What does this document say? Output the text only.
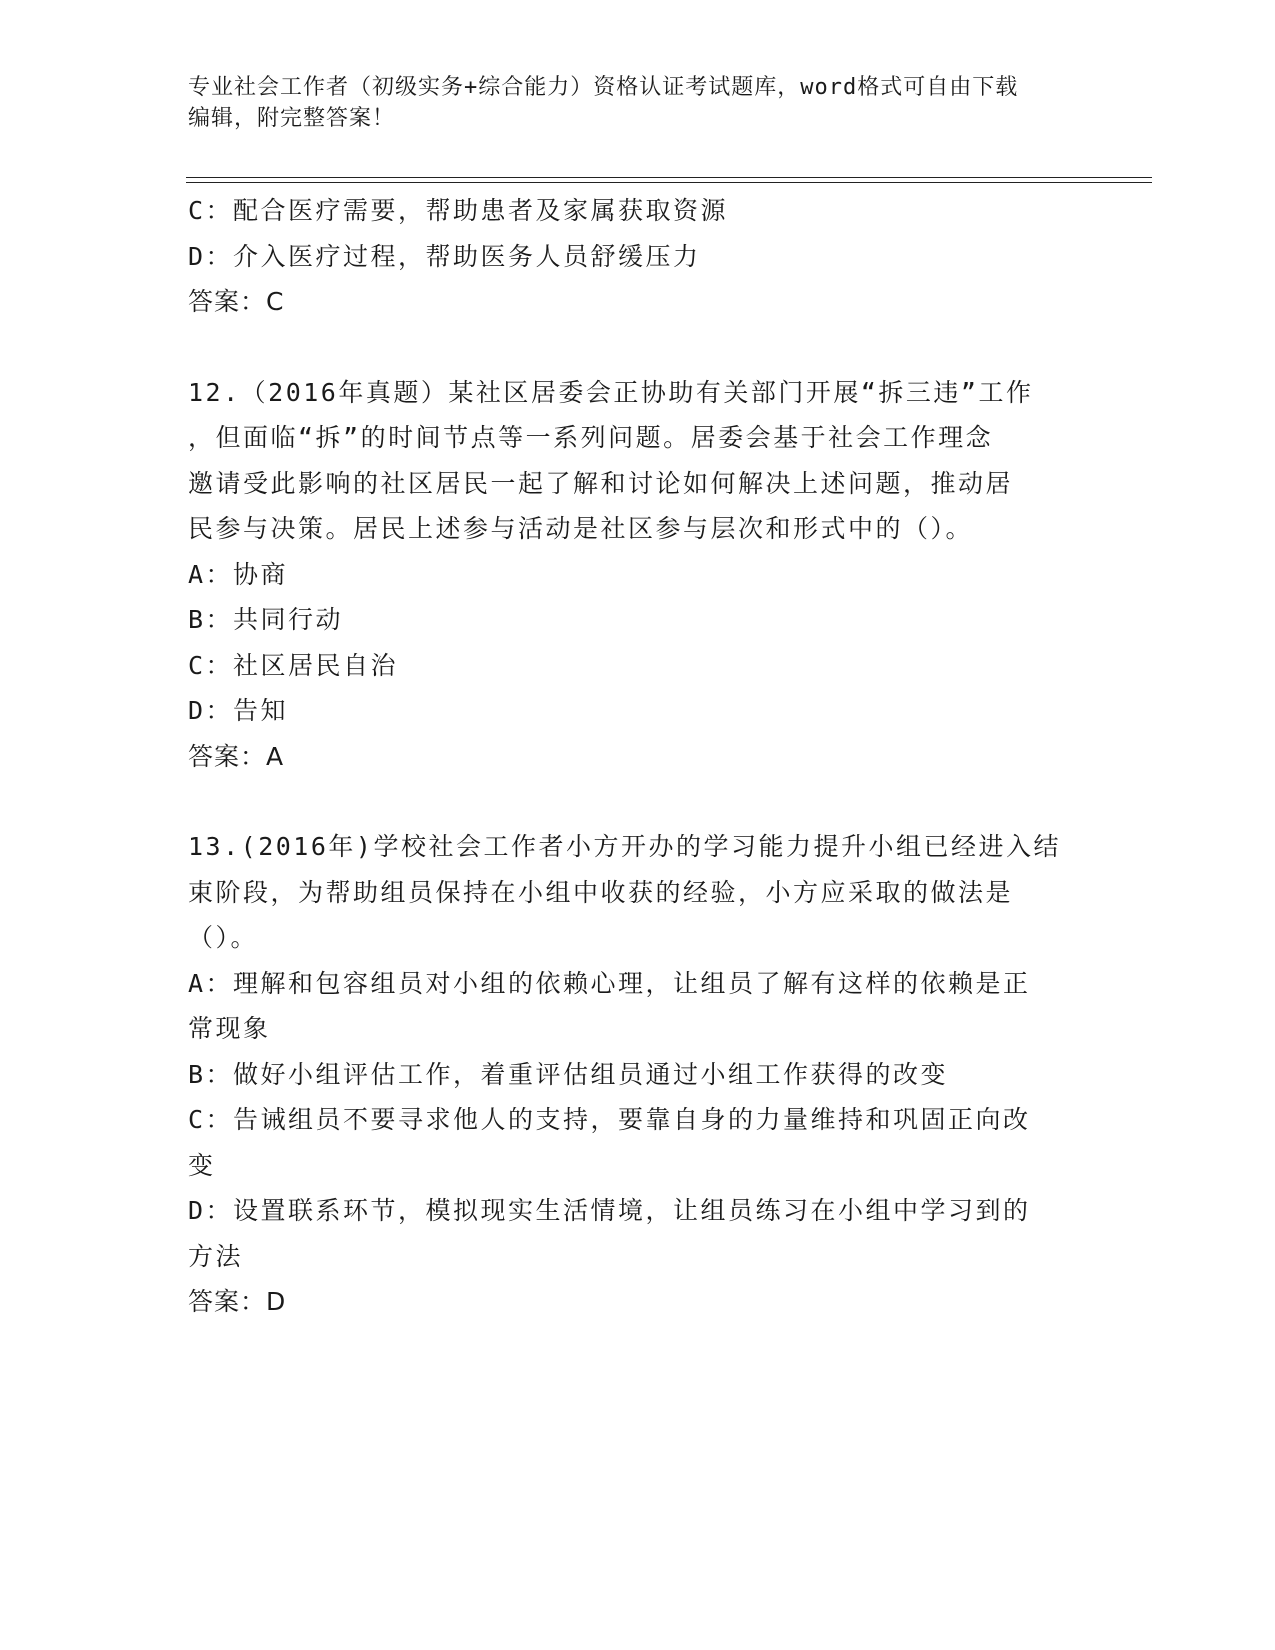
专业社会工作者（初级实务+综合能力）资格认证考试题库，word格式可自由下载
编辑，附完整答案！
C：配合医疗需要，帮助患者及家属获取资源
D：介入医疗过程，帮助医务人员舒缓压力
答案：C
12.（2016年真题）某社区居委会正协助有关部门开展“拆三违”工作
，但面临“拆”的时间节点等一系列问题。居委会基于社会工作理念
邀请受此影响的社区居民一起了解和讨论如何解决上述问题，推动居
民参与决策。居民上述参与活动是社区参与层次和形式中的（）。
A：协商
B：共同行动
C：社区居民自治
D：告知
答案：A
13.(2016年)学校社会工作者小方开办的学习能力提升小组已经进入结
束阶段，为帮助组员保持在小组中收获的经验，小方应采取的做法是
（）。
A：理解和包容组员对小组的依赖心理，让组员了解有这样的依赖是正
常现象
B：做好小组评估工作，着重评估组员通过小组工作获得的改变
C：告诫组员不要寻求他人的支持，要靠自身的力量维持和巩固正向改
变
D：设置联系环节，模拟现实生活情境，让组员练习在小组中学习到的
方法
答案：D
